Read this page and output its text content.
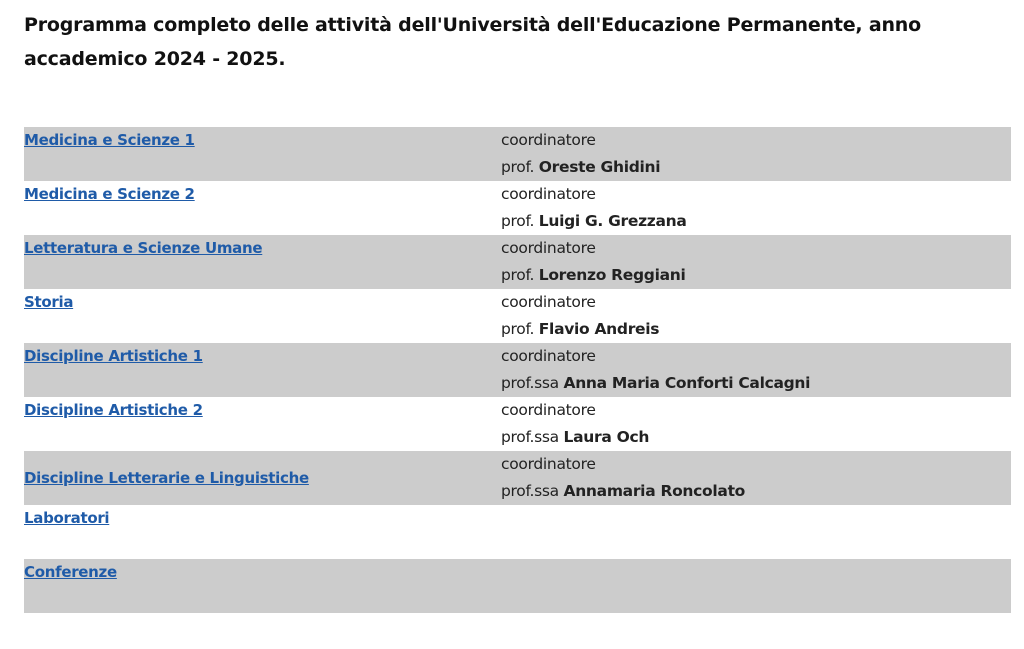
Programma completo delle attività dell'Università dell'Educazione Permanente, anno accademico 2024 - 2025.
Medicina e Scienze 1	coordinatore
prof. Oreste Ghidini

Medicina e Scienze 2	coordinatore
prof. Luigi G. Grezzana

Letteratura e Scienze Umane	coordinatore
prof. Lorenzo Reggiani

Storia	coordinatore
prof. Flavio Andreis

Discipline Artistiche 1	coordinatore
prof.ssa Anna Maria Conforti Calcagni

Discipline Artistiche 2	coordinatore
prof.ssa Laura Och

Discipline Letterarie e Linguistiche	coordinatore
prof.ssa Annamaria Roncolato

Laboratori	
Conferenze	
